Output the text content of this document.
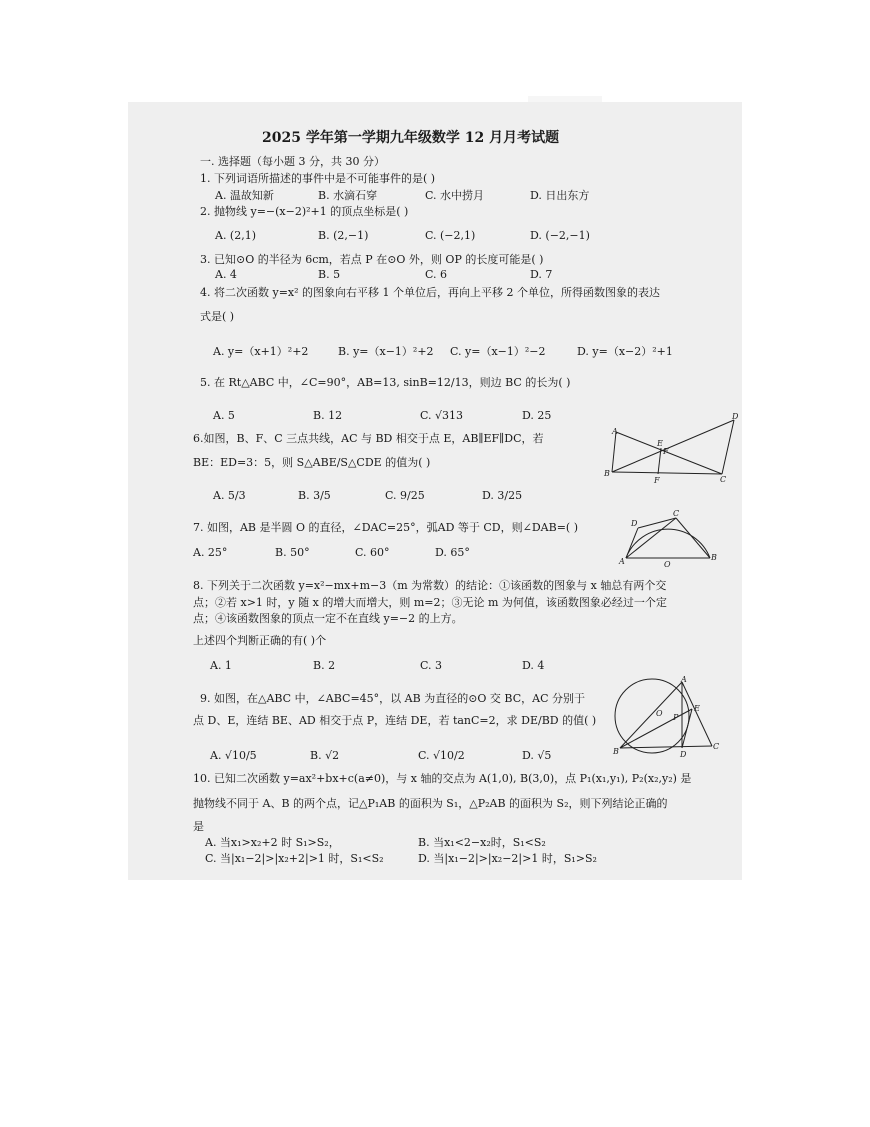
2025 学年第一学期九年级数学 12 月月考试题
一. 选择题（每小题 3 分，共 30 分）
1. 下列词语所描述的事件中是不可能事件的是( )
A. 温故知新	B. 水滴石穿	C. 水中捞月	D. 日出东方
2. 抛物线 y=−(x−2)²+1 的顶点坐标是( )
A. (2,1)	B. (2,−1)	C. (−2,1)	D. (−2,−1)
3. 已知⊙O 的半径为 6cm，若点 P 在⊙O 外，则 OP 的长度可能是( )
A. 4	B. 5	C. 6	D. 7
4. 将二次函数 y=x² 的图象向右平移 1 个单位后，再向上平移 2 个单位，所得函数图象的表达
式是( )
A. y=（x+1）²+2	B. y=（x−1）²+2 C. y=（x−1）²−2	D. y=（x−2）²+1
5. 在 Rt△ABC 中，∠C=90°，AB=13, sinB=12/13，则边 BC 的长为( )
A. 5	B. 12	C. √313	D. 25
6.如图，B、F、C 三点共线，AC 与 BD 相交于点 E，AB∥EF∥DC，若
BE：ED=3：5，则 S△ABE/S△CDE 的值为( )
A. 5/3	B. 3/5	C. 9/25	D. 3/25
A
B
C
D
E
F
F
7. 如图，AB 是半圆 O 的直径，∠DAC=25°，弧AD 等于 CD，则∠DAB=( )
A. 25°	B. 50°	C. 60°	D. 65°
D
C
A	O
B
8. 下列关于二次函数 y=x²−mx+m−3（m 为常数）的结论：①该函数的图象与 x 轴总有两个交
点；②若 x>1 时，y 随 x 的增大而增大，则 m=2；③无论 m 为何值，该函数图象必经过一个定
点；④该函数图象的顶点一定不在直线 y=−2 的上方。
上述四个判断正确的有( )个
A. 1	B. 2	C. 3	D. 4
9. 如图，在△ABC 中，∠ABC=45°，以 AB 为直径的⊙O 交 BC，AC 分别于
点 D、E，连结 BE、AD 相交于点 P，连结 DE，若 tanC=2，求 DE/BD 的值( )
A. √10/5	B. √2	C. √10/2	D. √5
A
E
P
O
B	D
C
10. 已知二次函数 y=ax²+bx+c(a≠0)，与 x 轴的交点为 A(1,0), B(3,0)，点 P₁(x₁,y₁), P₂(x₂,y₂) 是
抛物线不同于 A、B 的两个点，记△P₁AB 的面积为 S₁，△P₂AB 的面积为 S₂，则下列结论正确的
是
A. 当x₁>x₂+2 时 S₁>S₂，	B. 当x₁<2−x₂时，S₁<S₂
C. 当|x₁−2|>|x₂+2|>1 时，S₁<S₂	D. 当|x₁−2|>|x₂−2|>1 时，S₁>S₂
